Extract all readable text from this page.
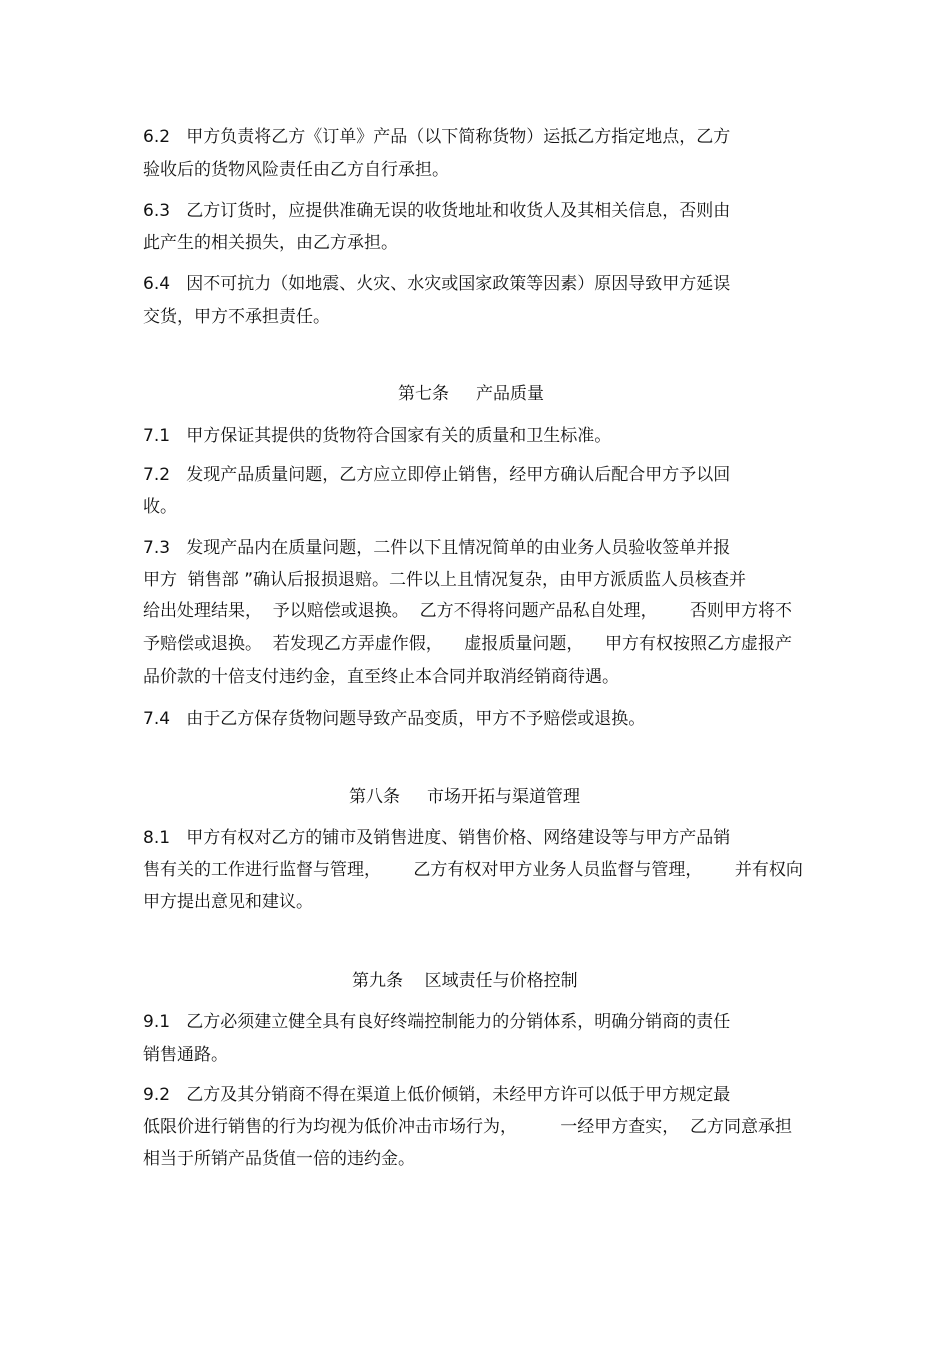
6.2   甲方负责将乙方《订单》产品（以下简称货物）运抵乙方指定地点，乙方
验收后的货物风险责任由乙方自行承担。
6.3   乙方订货时，应提供准确无误的收货地址和收货人及其相关信息，否则由
此产生的相关损失，由乙方承担。
6.4   因不可抗力（如地震、火灾、水灾或国家政策等因素）原因导致甲方延误
交货，甲方不承担责任。
第七条     产品质量
7.1   甲方保证其提供的货物符合国家有关的质量和卫生标准。
7.2   发现产品质量问题，乙方应立即停止销售，经甲方确认后配合甲方予以回
收。
7.3   发现产品内在质量问题，二件以下且情况简单的由业务人员验收签单并报
甲方  销售部 ”确认后报损退赔。二件以上且情况复杂，由甲方派质监人员核查并
给出处理结果，  予以赔偿或退换。  乙方不得将问题产品私自处理，      否则甲方将不
予赔偿或退换。  若发现乙方弄虚作假，    虚报质量问题，    甲方有权按照乙方虚报产
品价款的十倍支付违约金，直至终止本合同并取消经销商待遇。
7.4   由于乙方保存货物问题导致产品变质，甲方不予赔偿或退换。
第八条     市场开拓与渠道管理
8.1   甲方有权对乙方的铺市及销售进度、销售价格、网络建设等与甲方产品销
售有关的工作进行监督与管理，      乙方有权对甲方业务人员监督与管理，      并有权向
甲方提出意见和建议。
第九条    区域责任与价格控制
9.1   乙方必须建立健全具有良好终端控制能力的分销体系，明确分销商的责任
销售通路。
9.2   乙方及其分销商不得在渠道上低价倾销，未经甲方许可以低于甲方规定最
低限价进行销售的行为均视为低价冲击市场行为，        一经甲方查实，  乙方同意承担
相当于所销产品货值一倍的违约金。
